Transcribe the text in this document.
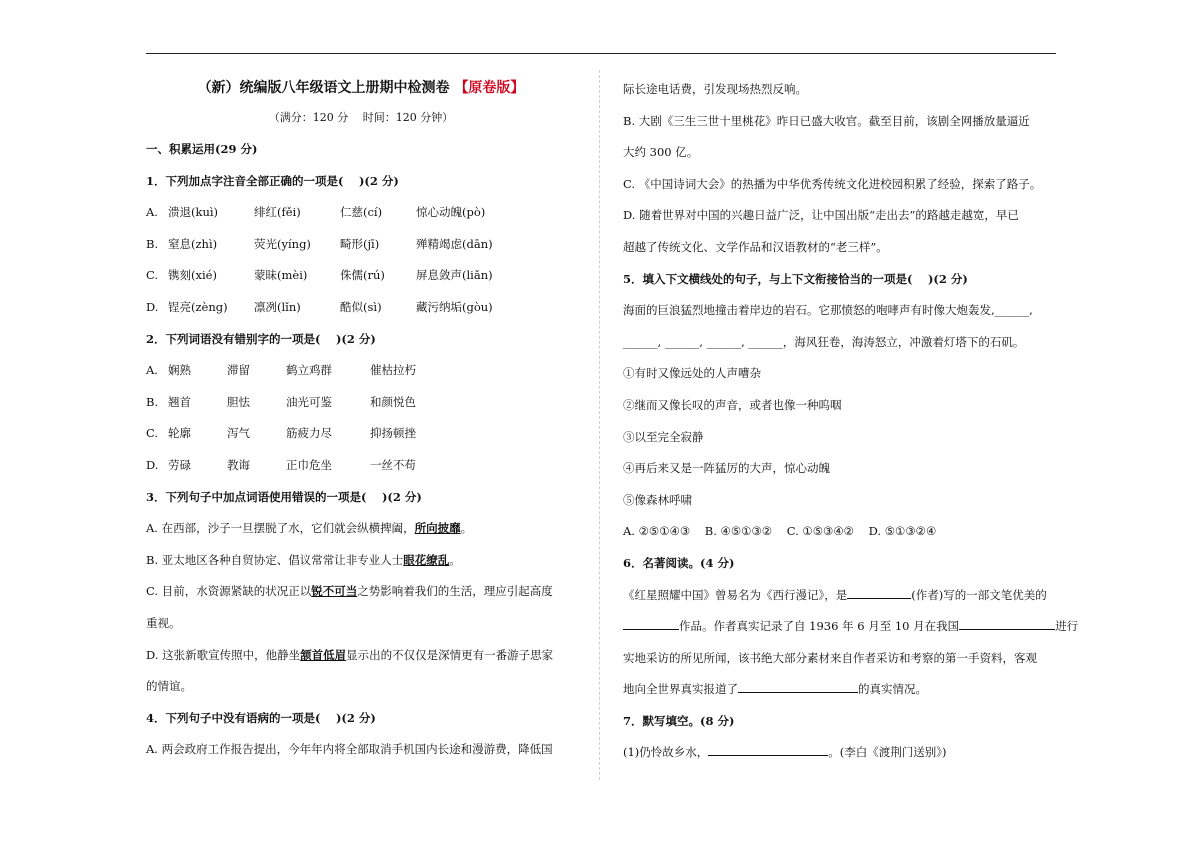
（新）统编版八年级语文上册期中检测卷 【原卷版】
（满分：120 分　 时间：120 分钟）
一、积累运用(29 分)
1．下列加点字注音全部正确的一项是(　 )(2 分)
A. 溃退(kuì)	绯红(fěi)	仁慈(cí)	惊心动魄(pò)
B. 窒息(zhì)	荧光(yíng)	畸形(jī)	殚精竭虑(dān)
C. 镌刻(xié)	蒙昧(mèi)	侏儒(rú)	屏息敛声(liǎn)
D. 锃亮(zèng)	凛冽(lǐn)	酷似(sì)	藏污纳垢(gòu)
2．下列词语没有错别字的一项是(　 )(2 分)
A. 娴熟	滞留	鹤立鸡群	催枯拉朽
B. 翘首	胆怯	油光可鉴	和颜悦色
C. 轮廓	泻气	筋疲力尽	抑扬顿挫
D. 劳碌	教诲	正巾危坐	一丝不苟
3．下列句子中加点词语使用错误的一项是(　 )(2 分)
A. 在西部，沙子一旦摆脱了水，它们就会纵横捭阖，所向披靡。
B. 亚太地区各种自贸协定、倡议常常让非专业人士眼花缭乱。
C. 目前，水资源紧缺的状况正以锐不可当之势影响着我们的生活，理应引起高度
重视。
D. 这张新歌宣传照中，他静坐颔首低眉显示出的不仅仅是深情更有一番游子思家
的情谊。
4．下列句子中没有语病的一项是(　 )(2 分)
A. 两会政府工作报告提出，今年年内将全部取消手机国内长途和漫游费，降低国
际长途电话费，引发现场热烈反响。
B. 大剧《三生三世十里桃花》昨日已盛大收官。截至目前，该剧全网播放量逼近
大约 300 亿。
C. 《中国诗词大会》的热播为中华优秀传统文化进校园积累了经验，探索了路子。
D. 随着世界对中国的兴趣日益广泛，让中国出版“走出去”的路越走越宽，早已
超越了传统文化、文学作品和汉语教材的“老三样”。
5．填入下文横线处的句子，与上下文衔接恰当的一项是(　 )(2 分)
海面的巨浪猛烈地撞击着岸边的岩石。它那愤怒的咆哮声有时像大炮轰发,______,
______, ______, ______, ______，海风狂卷，海涛怒立，冲激着灯塔下的石矶。
①有时又像远处的人声嘈杂
②继而又像长叹的声音，或者也像一种呜咽
③以至完全寂静
④再后来又是一阵猛厉的大声，惊心动魄
⑤像森林呼啸
A. ②⑤①④③ B. ④⑤①③② C. ①⑤③④② D. ⑤①③②④
6．名著阅读。(4 分)
《红星照耀中国》曾易名为《西行漫记》，是	(作者)写的一部文笔优美的
作品。作者真实记录了自 1936 年 6 月至 10 月在我国	进行
实地采访的所见所闻，该书绝大部分素材来自作者采访和考察的第一手资料，客观
地向全世界真实报道了	的真实情况。
7．默写填空。(8 分)
(1)仍怜故乡水，	。(李白《渡荆门送别》)
